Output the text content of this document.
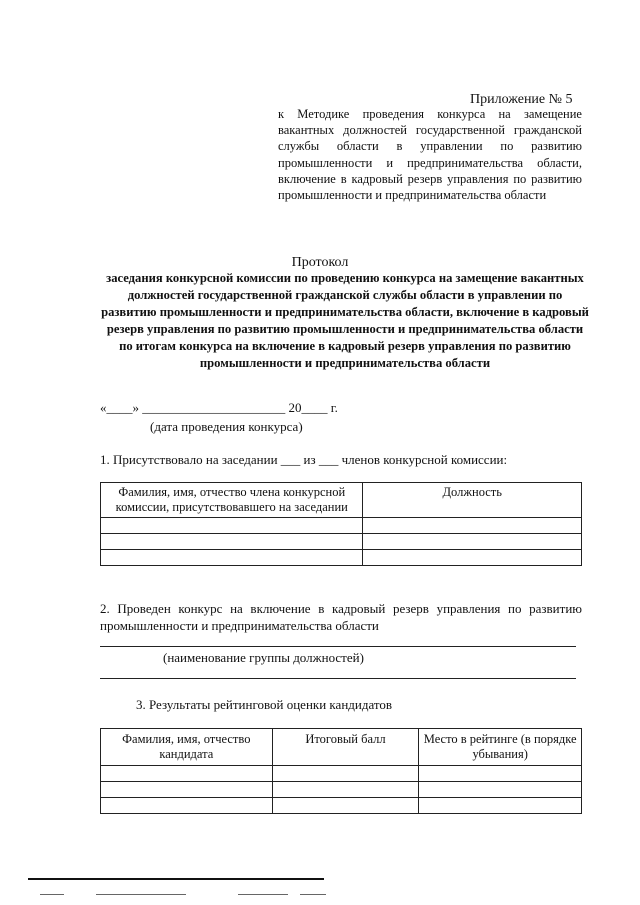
Приложение № 5
к Методике проведения конкурса на замещение вакантных должностей государственной гражданской службы области в управлении по развитию промышленности и предпринимательства области, включение в кадровый резерв управления по развитию промышленности и предпринимательства области
Протокол
заседания конкурсной комиссии по проведению конкурса на замещение вакантных должностей государственной гражданской службы области в управлении по развитию промышленности и предпринимательства области, включение в кадровый резерв управления по развитию промышленности и предпринимательства области по итогам конкурса на включение в кадровый резерв управления по развитию промышленности и предпринимательства области
«____» ______________________ 20____ г.
(дата проведения конкурса)
1. Присутствовало на заседании ___ из ___ членов конкурсной комиссии:
Фамилия, имя, отчество члена конкурсной комиссии, присутствовавшего на заседании	Должность

2. Проведен конкурс на включение в кадровый резерв управления по развитию промышленности и предпринимательства области
(наименование группы должностей)
3. Результаты рейтинговой оценки кандидатов
Фамилия, имя, отчество кандидата	Итоговый балл	Место в рейтинге (в порядке убывания)
